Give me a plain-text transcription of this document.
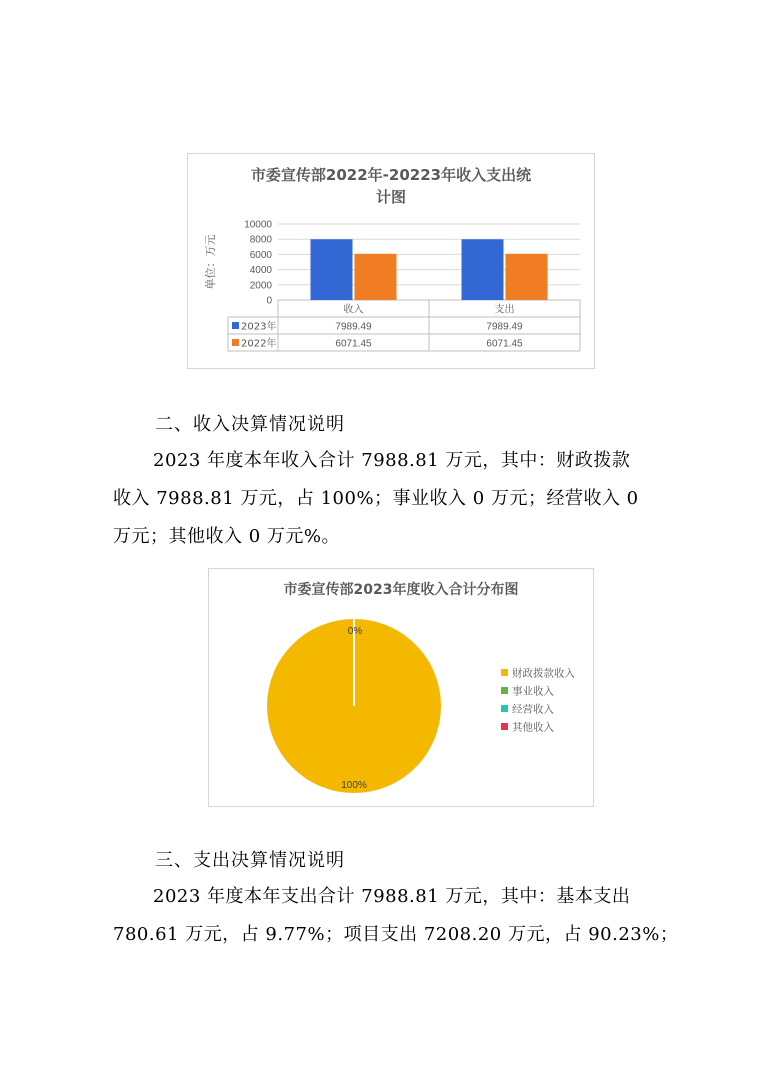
市委宣传部2022年-20223年收入支出统
计图
0
2000
4000
6000
8000
10000
单位：万元
收入	支出
2023年	7989.49	7989.49
2022年	6071.45	6071.45
二、收入决算情况说明
2023 年度本年收入合计 7988.81 万元，其中：财政拨款
收入 7988.81 万元，占 100%；事业收入 0 万元；经营收入 0
万元；其他收入 0 万元%。
市委宣传部2023年度收入合计分布图
0%
100%
财政拨款收入
事业收入
经营收入
其他收入
三、支出决算情况说明
2023 年度本年支出合计 7988.81 万元，其中：基本支出
780.61 万元，占 9.77%；项目支出 7208.20 万元，占 90.23%；
